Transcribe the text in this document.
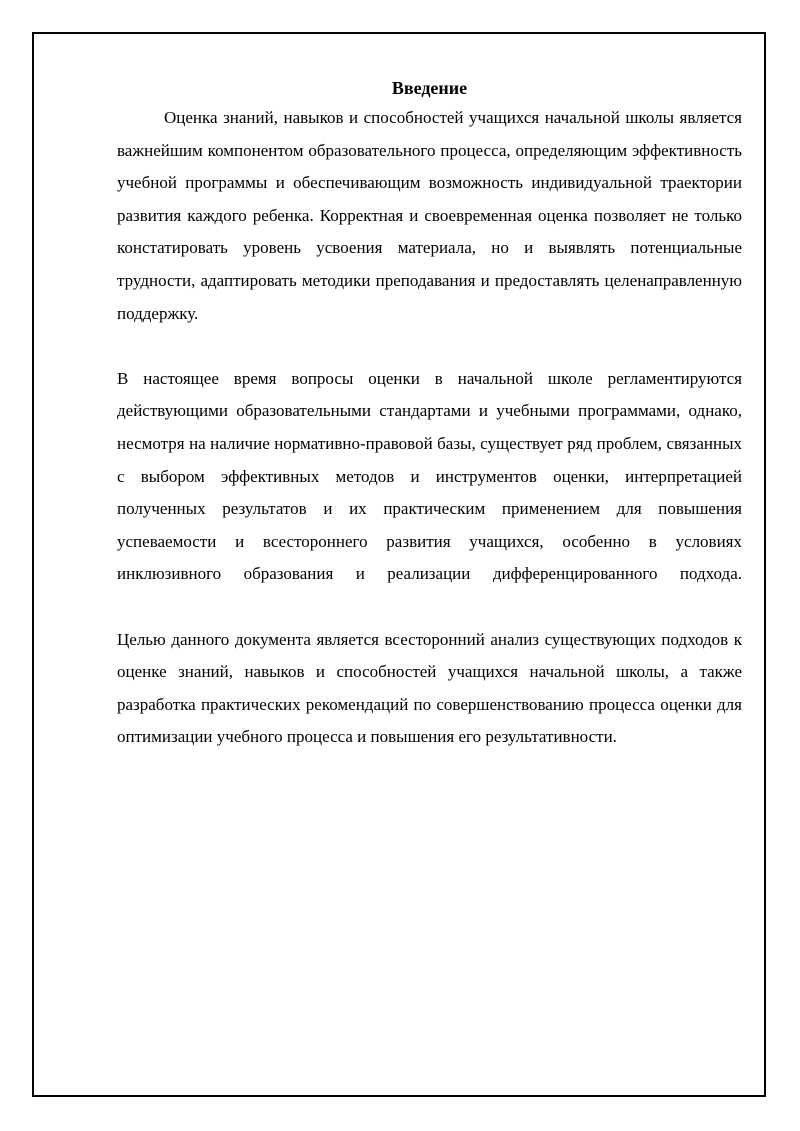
Введение

Оценка знаний, навыков и способностей учащихся начальной школы является важнейшим компонентом образовательного процесса, определяющим эффективность учебной программы и обеспечивающим возможность индивидуальной траектории развития каждого ребенка. Корректная и своевременная оценка позволяет не только констатировать уровень усвоения материала, но и выявлять потенциальные трудности, адаптировать методики преподавания и предоставлять целенаправленную поддержку.

В настоящее время вопросы оценки в начальной школе регламентируются действующими образовательными стандартами и учебными программами, однако, несмотря на наличие нормативно-правовой базы, существует ряд проблем, связанных с выбором эффективных методов и инструментов оценки, интерпретацией полученных результатов и их практическим применением для повышения успеваемости и всестороннего развития учащихся, особенно в условиях инклюзивного образования и реализации дифференцированного подхода.

Целью данного документа является всесторонний анализ существующих подходов к оценке знаний, навыков и способностей учащихся начальной школы, а также разработка практических рекомендаций по совершенствованию процесса оценки для оптимизации учебного процесса и повышения его результативности.
